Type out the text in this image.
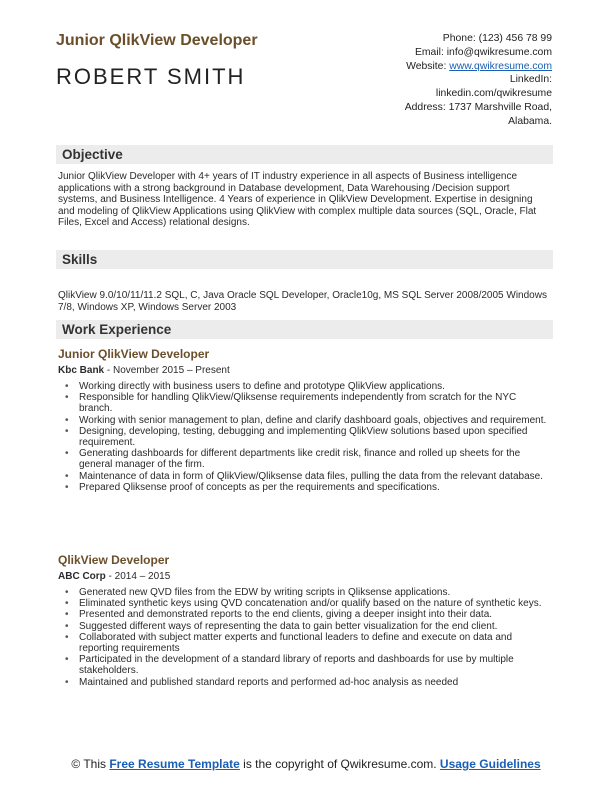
Junior QlikView Developer
ROBERT SMITH
Phone: (123) 456 78 99
Email: info@qwikresume.com
Website: www.qwikresume.com
LinkedIn:
linkedin.com/qwikresume
Address: 1737 Marshville Road,
Alabama.
Objective
Junior QlikView Developer with 4+ years of IT industry experience in all aspects of Business intelligence applications with a strong background in Database development, Data Warehousing /Decision support systems, and Business Intelligence. 4 Years of experience in QlikView Development. Expertise in designing and modeling of QlikView Applications using QlikView with complex multiple data sources (SQL, Oracle, Flat Files, Excel and Access) relational designs.
Skills
QlikView 9.0/10/11/11.2 SQL, C, Java Oracle SQL Developer, Oracle10g, MS SQL Server 2008/2005 Windows 7/8, Windows XP, Windows Server 2003
Work Experience
Junior QlikView Developer
Kbc Bank - November 2015 – Present
• Working directly with business users to define and prototype QlikView applications.
• Responsible for handling QlikView/Qliksense requirements independently from scratch for the NYC branch.
• Working with senior management to plan, define and clarify dashboard goals, objectives and requirement.
• Designing, developing, testing, debugging and implementing QlikView solutions based upon specified requirement.
• Generating dashboards for different departments like credit risk, finance and rolled up sheets for the general manager of the firm.
• Maintenance of data in form of QlikView/Qliksense data files, pulling the data from the relevant database.
• Prepared Qliksense proof of concepts as per the requirements and specifications.
QlikView Developer
ABC Corp - 2014 – 2015
• Generated new QVD files from the EDW by writing scripts in Qliksense applications.
• Eliminated synthetic keys using QVD concatenation and/or qualify based on the nature of synthetic keys.
• Presented and demonstrated reports to the end clients, giving a deeper insight into their data.
• Suggested different ways of representing the data to gain better visualization for the end client.
• Collaborated with subject matter experts and functional leaders to define and execute on data and reporting requirements
• Participated in the development of a standard library of reports and dashboards for use by multiple stakeholders.
• Maintained and published standard reports and performed ad-hoc analysis as needed
© This Free Resume Template is the copyright of Qwikresume.com. Usage Guidelines
